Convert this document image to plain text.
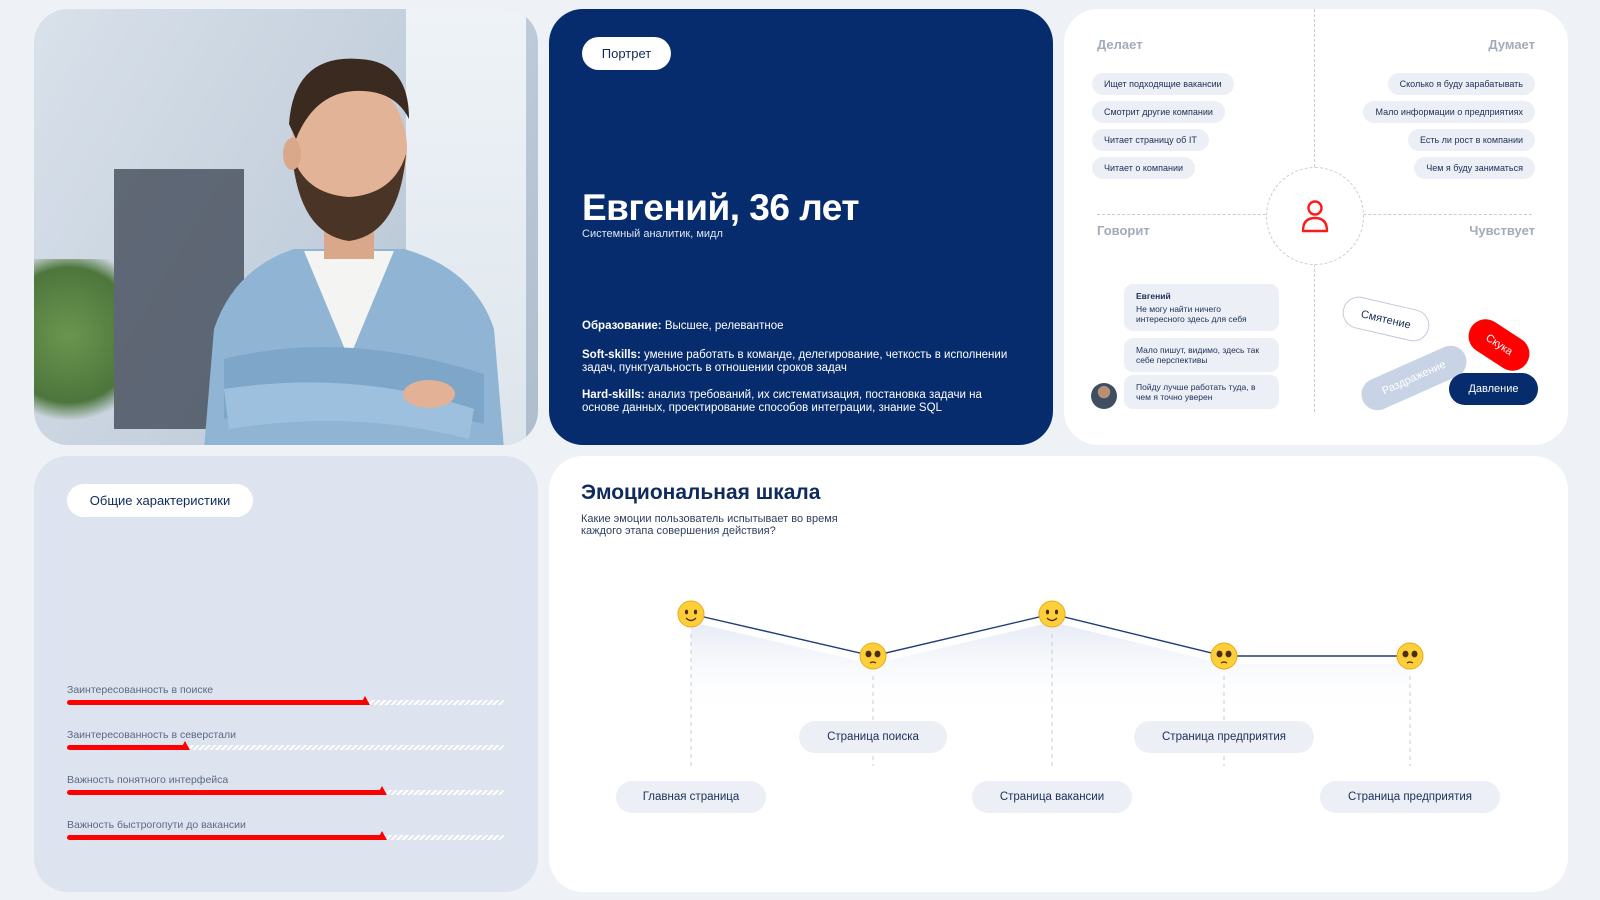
Портрет
Евгений, 36 лет
Системный аналитик, мидл
Образование: Высшее, релевантное
Soft-skills: умение работать в команде, делегирование, четкость в исполнении задач, пунктуальность в отношении сроков задач
Hard-skills: анализ требований, их систематизация, постановка задачи на основе данных, проектирование способов интеграции, знание SQL
Делает	Думает
Говорит	Чувствует
Ищет подходящие вакансии
Смотрит другие компании
Читает страницу об IT
Читает о компании
Сколько я буду зарабатывать
Мало информации о предприятиях
Есть ли рост в компании
Чем я буду заниматься
Евгений
Не могу найти ничего интересного здесь для себя
Мало пишут, видимо, здесь так себе перспективы
Пойду лучше работать туда, в чем я точно уверен
Смятение
Скука
Раздражение	Давление
Общие характеристики
Заинтересованность в поиске
Заинтересованность в северстали
Важность понятного интерфейса
Важность быстрогопути до вакансии
Эмоциональная шкала
Какие эмоции пользователь испытывает во время каждого этапа совершения действия?
Главная страница
Страница поиска
Страница вакансии
Страница предприятия
Страница предприятия
